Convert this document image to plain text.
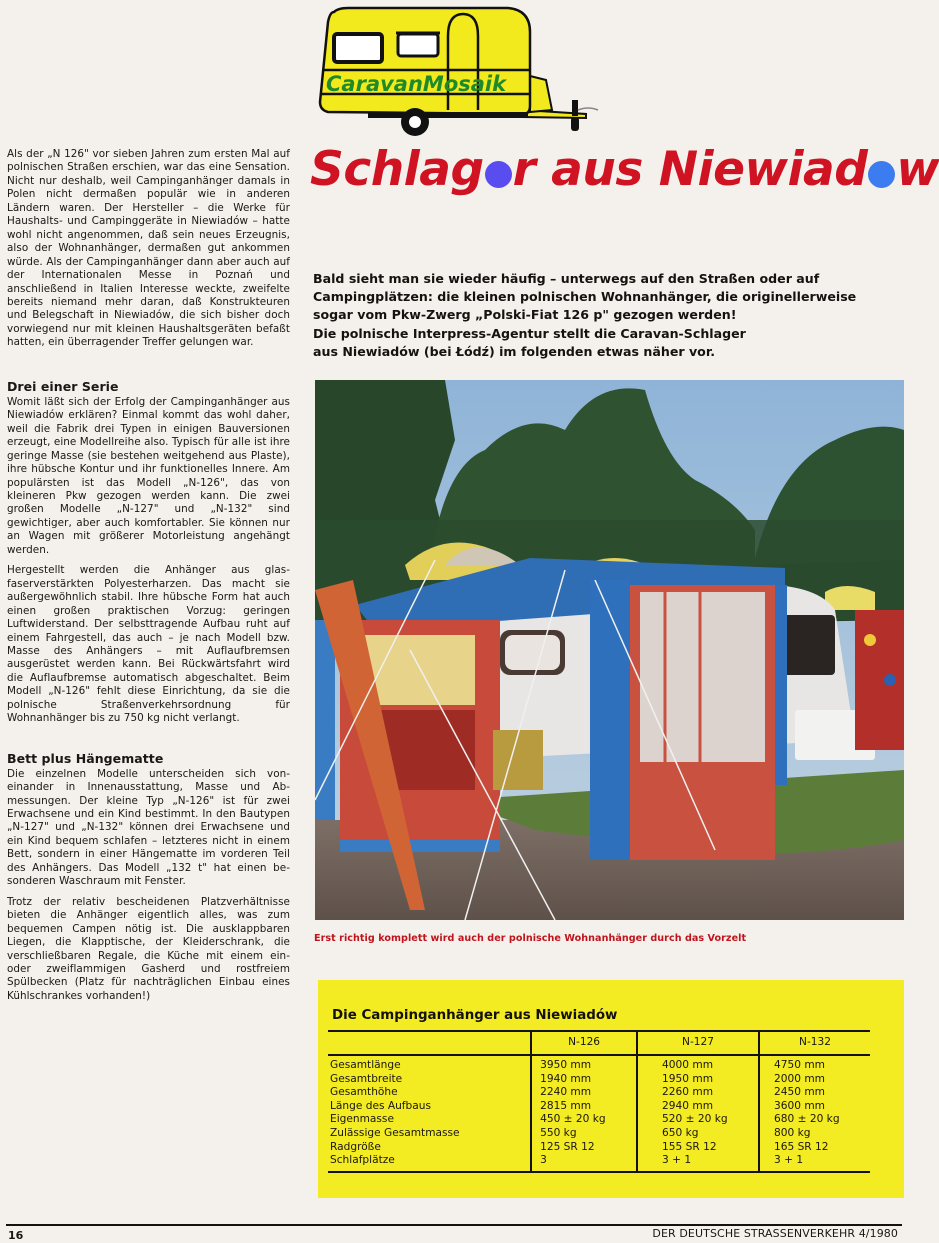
CaravanMosaik
Schlag r aus Niewiad w
Bald sieht man sie wieder häufig – unterwegs auf den Straßen oder auf
Campingplätzen: die kleinen polnischen Wohnanhänger, die originellerweise
sogar vom Pkw-Zwerg „Polski-Fiat 126 p" gezogen werden!
Die polnische Interpress-Agentur stellt die Caravan-Schlager
aus Niewiadów (bei Łódź) im folgenden etwas näher vor.

Als der „N 126" vor sieben Jahren zum ersten Mal auf polnischen Straßen erschien, war das eine Sensation. Nicht nur deshalb, weil Campinganhänger damals in Polen nicht dermaßen populär wie in anderen Ländern waren. Der Hersteller – die Werke für Haushalts- und Campinggeräte in Niewiadów – hatte wohl nicht angenommen, daß sein neues Erzeugnis, also der Wohnanhänger, dermaßen gut ankommen würde. Als der Campinganhänger dann aber auch auf der Internationalen Messe in Poznań und anschließend in Italien Interesse weckte, zweifelte bereits niemand mehr daran, daß Konstrukteuren und Belegschaft in Niewiadów, die sich bisher doch vorwiegend nur mit kleinen Haushaltsgeräten befaßt hatten, ein überragender Treffer gelungen war.

Drei einer Serie

Womit läßt sich der Erfolg der Campinganhänger aus Niewiadów erklären? Einmal kommt das wohl daher, weil die Fabrik drei Typen in einigen Bauversionen erzeugt, eine Modellreihe also. Typisch für alle ist ihre geringe Masse (sie bestehen weitgehend aus Plaste), ihre hübsche Kontur und ihr funktionelles Innere. Am populärsten ist das Modell „N-126", das von kleineren Pkw gezogen werden kann. Die zwei großen Modelle „N-127" und „N-132" sind gewichtiger, aber auch komfortabler. Sie können nur an Wagen mit größerer Motorleistung angehängt werden.

Hergestellt werden die Anhänger aus glasfaserverstärkten Polyesterharzen. Das macht sie außergewöhnlich stabil. Ihre hübsche Form hat auch einen großen praktischen Vorzug: geringen Luftwiderstand. Der selbsttragende Aufbau ruht auf einem Fahrgestell, das auch – je nach Modell bzw. Masse des Anhängers – mit Auflaufbremsen ausgerüstet werden kann. Bei Rückwärtsfahrt wird die Auflaufbremse automatisch abgeschaltet. Beim Modell „N-126" fehlt diese Einrichtung, da sie die polnische Straßenverkehrsordnung für Wohnanhänger bis zu 750 kg nicht verlangt.

Bett plus Hängematte

Die einzelnen Modelle unterscheiden sich voneinander in Innenausstattung, Masse und Abmessungen. Der kleine Typ „N-126" ist für zwei Erwachsene und ein Kind bestimmt. In den Bautypen „N-127" und „N-132" können drei Erwachsene und ein Kind bequem schlafen – letzteres nicht in einem Bett, sondern in einer Hängematte im vorderen Teil des Anhängers. Das Modell „132 t" hat einen besonderen Waschraum mit Fenster.

Trotz der relativ bescheidenen Platzverhältnisse bieten die Anhänger eigentlich alles, was zum bequemen Campen nötig ist. Die ausklappbaren Liegen, die Klapptische, der Kleiderschrank, die verschließbaren Regale, die Küche mit einem ein- oder zweiflammigen Gasherd und rostfreiem Spülbecken (Platz für nachträglichen Einbau eines Kühlschrankes vorhanden!)

Erst richtig komplett wird auch der polnische Wohnanhänger durch das Vorzelt
Die Campinganhänger aus Niewiadów
	N-126	N-127	N-132
Gesamtlänge	3950 mm	4000 mm	4750 mm
Gesamtbreite	1940 mm	1950 mm	2000 mm
Gesamthöhe	2240 mm	2260 mm	2450 mm
Länge des Aufbaus	2815 mm	2940 mm	3600 mm
Eigenmasse	450 ± 20 kg	520 ± 20 kg	680 ± 20 kg
Zulässige Gesamtmasse	550 kg	650 kg	800 kg
Radgröße	125 SR 12	155 SR 12	165 SR 12
Schlafplätze	3	3 + 1	3 + 1
16	DER DEUTSCHE STRASSENVERKEHR 4/1980
